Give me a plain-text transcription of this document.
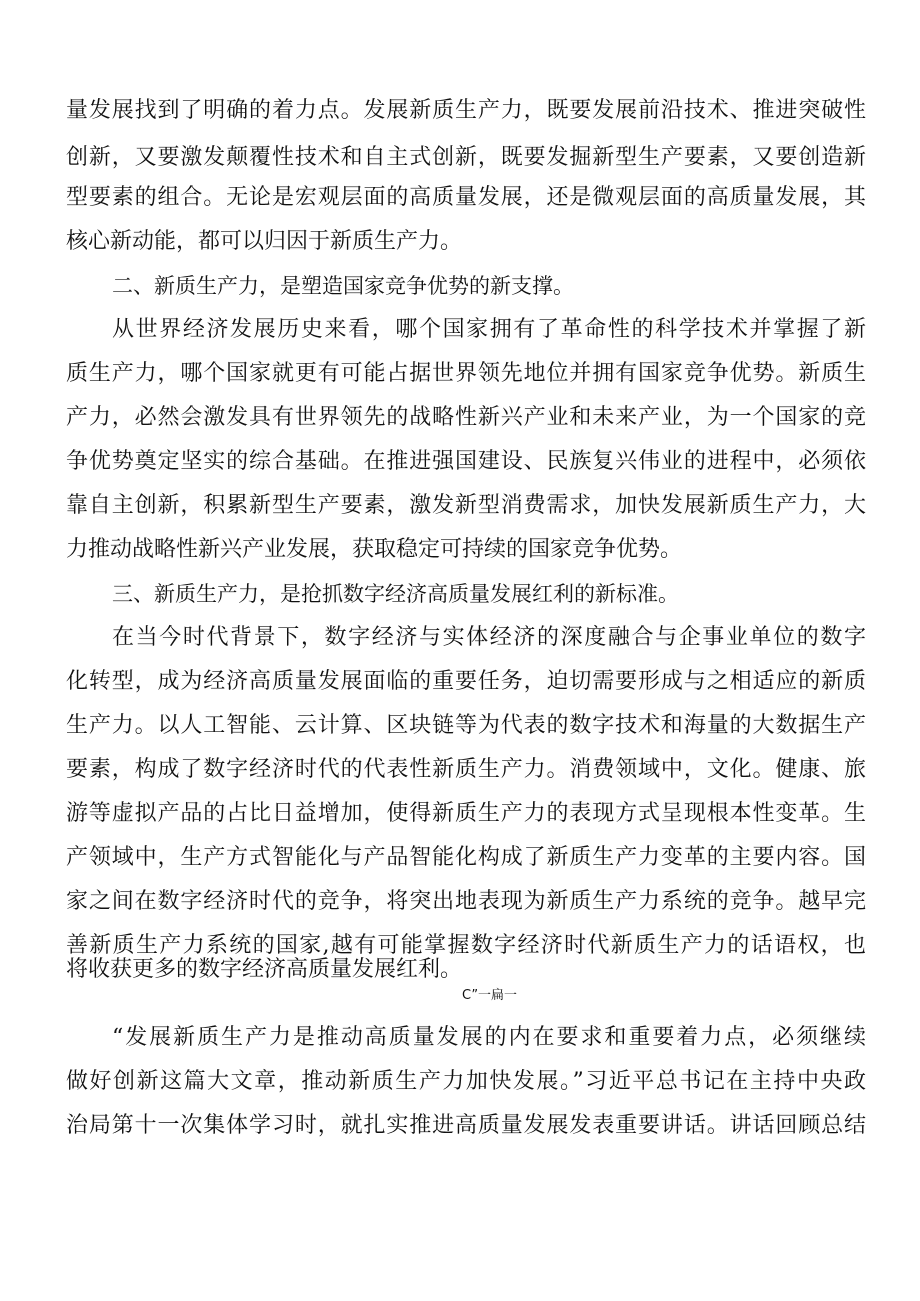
量发展找到了明确的着力点。发展新质生产力，既要发展前沿技术、推进突破性
创新，又要激发颠覆性技术和自主式创新，既要发掘新型生产要素，又要创造新
型要素的组合。无论是宏观层面的高质量发展，还是微观层面的高质量发展，其
核心新动能，都可以归因于新质生产力。
二、新质生产力，是塑造国家竞争优势的新支撑。
从世界经济发展历史来看，哪个国家拥有了革命性的科学技术并掌握了新
质生产力，哪个国家就更有可能占据世界领先地位并拥有国家竞争优势。新质生
产力，必然会激发具有世界领先的战略性新兴产业和未来产业，为一个国家的竞
争优势奠定坚实的综合基础。在推进强国建设、民族复兴伟业的进程中，必须依
靠自主创新，积累新型生产要素，激发新型消费需求，加快发展新质生产力，大
力推动战略性新兴产业发展，获取稳定可持续的国家竞争优势。
三、新质生产力，是抢抓数字经济高质量发展红利的新标准。
在当今时代背景下，数字经济与实体经济的深度融合与企事业单位的数字
化转型，成为经济高质量发展面临的重要任务，迫切需要形成与之相适应的新质
生产力。以人工智能、云计算、区块链等为代表的数字技术和海量的大数据生产
要素，构成了数字经济时代的代表性新质生产力。消费领域中，文化。健康、旅
游等虚拟产品的占比日益增加，使得新质生产力的表现方式呈现根本性变革。生
产领域中，生产方式智能化与产品智能化构成了新质生产力变革的主要内容。国
家之间在数字经济时代的竞争，将突出地表现为新质生产力系统的竞争。越早完
善新质生产力系统的国家,越有可能掌握数字经济时代新质生产力的话语权，也
将收获更多的数字经济高质量发展红利。
C”一扁一
“发展新质生产力是推动高质量发展的内在要求和重要着力点，必须继续
做好创新这篇大文章，推动新质生产力加快发展。”习近平总书记在主持中央政
治局第十一次集体学习时，就扎实推进高质量发展发表重要讲话。讲话回顾总结
